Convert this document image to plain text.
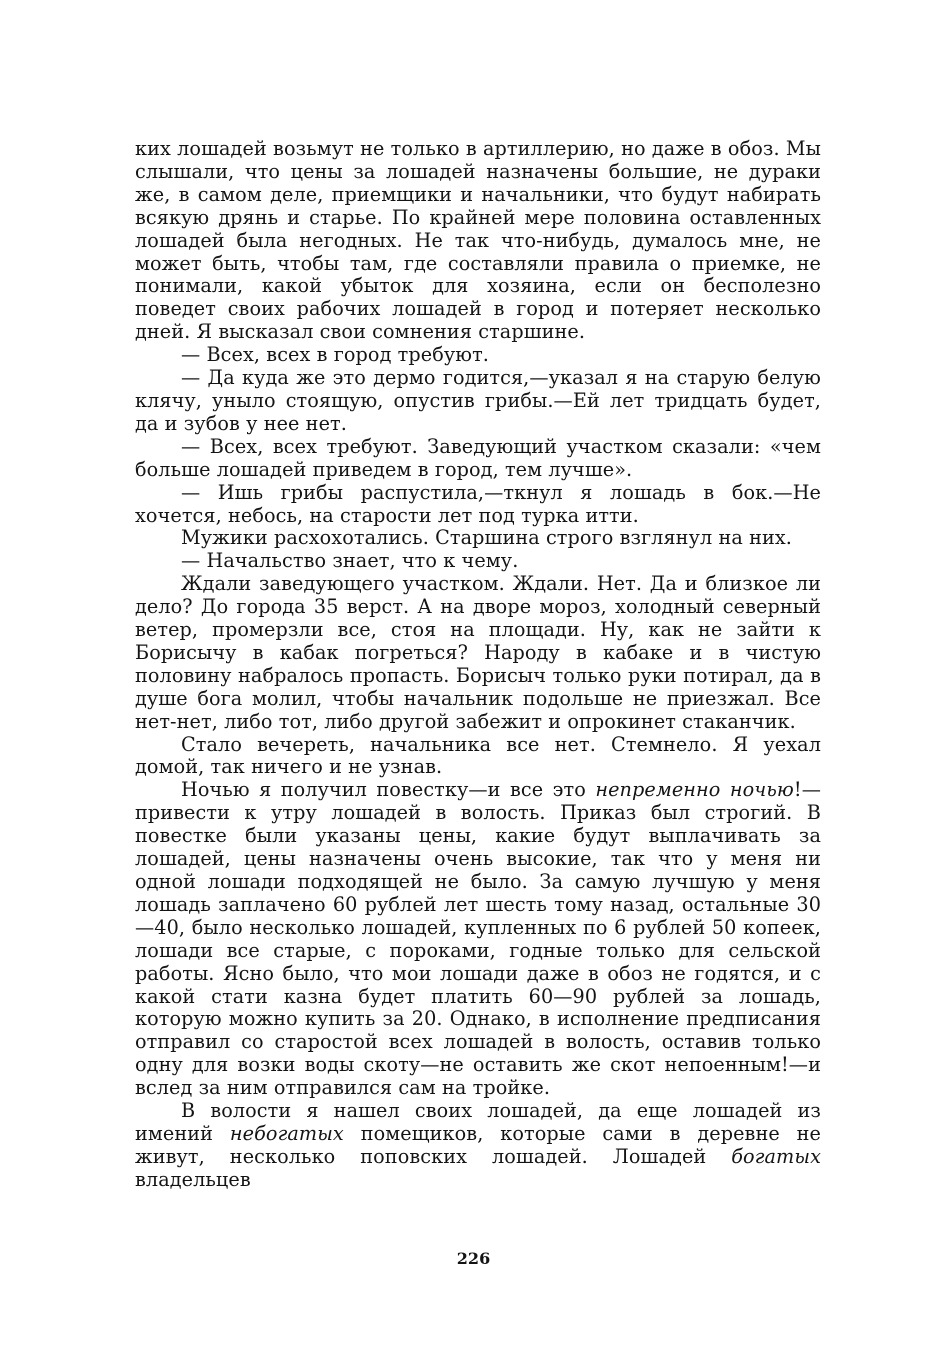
ких лошадей возьмут не только в артиллерию, но даже в обоз. Мы слышали, что цены за лошадей назначены большие, не дураки же, в самом деле, приемщики и начальники, что будут набирать всякую дрянь и старье. По крайней мере половина оставленных лошадей была негодных. Не так что-нибудь, думалось мне, не может быть, чтобы там, где составляли правила о приемке, не понимали, какой убыток для хозяина, если он бесполезно поведет своих рабочих лошадей в город и потеряет несколько дней. Я высказал свои сомнения старшине.

— Всех, всех в город требуют.

— Да куда же это дермо годится,—указал я на старую белую клячу, уныло стоящую, опустив грибы.—Ей лет тридцать будет, да и зубов у нее нет.

— Всех, всех требуют. Заведующий участком сказали: «чем больше лошадей приведем в город, тем лучше».

— Ишь грибы распустила,—ткнул я лошадь в бок.—Не хочется, небось, на старости лет под турка итти.

Мужики расхохотались. Старшина строго взглянул на них.

— Начальство знает, что к чему.

Ждали заведующего участком. Ждали. Нет. Да и близкое ли дело? До города 35 верст. А на дворе мороз, холодный северный ветер, промерзли все, стоя на площади. Ну, как не зайти к Борисычу в кабак погреться? Народу в кабаке и в чистую половину набралось пропасть. Борисыч только руки потирал, да в душе бога молил, чтобы начальник подольше не приезжал. Все нет-нет, либо тот, либо другой забежит и опрокинет стаканчик.

Стало вечереть, начальника все нет. Стемнело. Я уехал домой, так ничего и не узнав.

Ночью я получил повестку—и все это непременно ночью!—привести к утру лошадей в волость. Приказ был строгий. В повестке были указаны цены, какие будут выплачивать за лошадей, цены назначены очень высокие, так что у меня ни одной лошади подходящей не было. За самую лучшую у меня лошадь заплачено 60 рублей лет шесть тому назад, остальные 30—40, было несколько лошадей, купленных по 6 рублей 50 копеек, лошади все старые, с пороками, годные только для сельской работы. Ясно было, что мои лошади даже в обоз не годятся, и с какой стати казна будет платить 60—90 рублей за лошадь, которую можно купить за 20. Однако, в исполнение предписания отправил со старостой всех лошадей в волость, оставив только одну для возки воды скоту—не оставить же скот непоенным!—и вслед за ним отправился сам на тройке.

В волости я нашел своих лошадей, да еще лошадей из имений небогатых помещиков, которые сами в деревне не живут, несколько поповских лошадей. Лошадей богатых владельцев

226
